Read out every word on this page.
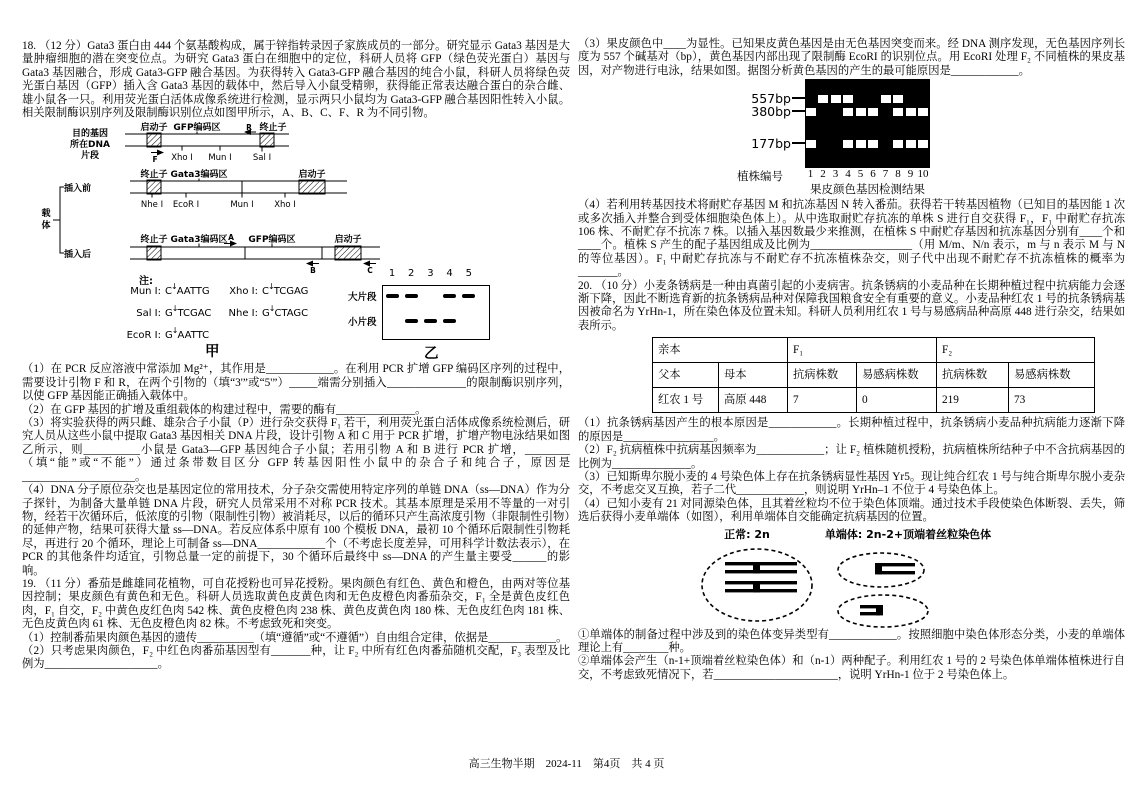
18. （12 分）Gata3 蛋白由 444 个氨基酸构成，属于锌指转录因子家族成员的一部分。研究显示 Gata3 基因是大量肿瘤细胞的潜在突变位点。为研究 Gata3 蛋白在细胞中的定位，科研人员将 GFP（绿色荧光蛋白）基因与 Gata3 基因融合，形成 Gata3-GFP 融合基因。为获得转入 Gata3-GFP 融合基因的纯合小鼠，科研人员将绿色荧光蛋白基因（GFP）插入含 Gata3 基因的载体中，然后导入小鼠受精卵，获得能正常表达融合蛋白的杂合雌、雄小鼠各一只。利用荧光蛋白活体成像系统进行检测，显示两只小鼠均为 Gata3-GFP 融合基因阳性转入小鼠。相关限制酶识别序列及限制酶识别位点如图甲所示，A、B、C、F、R 为不同引物。

目的基因
所在DNA
片段
启动子 GFP编码区	R 终止子
F Xho I Mun I Sal I
插入前
终止子 Gata3编码区	启动子
Nhe I EcoR I	Mun I Xho I
插入后
终止子 Gata3编码区 A GFP编码区	启动子
B	C
载
体
注:
Mun I: C↓AATTG	Xho I: C↓TCGAG
Sal I: G↓TCGAC	Nhe I: G↓CTAGC
EcoR I: G↓AATTC
甲
大片段
小片段
乙
1	2	3	4	5

（1）在 PCR 反应溶液中常添加 Mg²⁺，其作用是____________。在利用 PCR 扩增 GFP 编码区序列的过程中，需要设计引物 F 和 R，在两个引物的（填“3'”或“5'”）_____端需分别插入______________的限制酶识别序列，以使 GFP 基因能正确插入载体中。

（2）在 GFP 基因的扩增及重组载体的构建过程中，需要的酶有______________。

（3）将实验获得的两只雌、雄杂合子小鼠（P）进行杂交获得 F₁ 若干，利用荧光蛋白活体成像系统检测后，研究人员从这些小鼠中提取 Gata3 基因相关 DNA 片段，设计引物 A 和 C 用于 PCR 扩增，扩增产物电泳结果如图乙所示，则__________小鼠是 Gata3—GFP 基因纯合子小鼠；若用引物 A 和 B 进行 PCR 扩增，________（填“能”或“不能”）通过条带数目区分 GFP 转基因阳性小鼠中的杂合子和纯合子，原因是____________________。

（4）DNA 分子原位杂交也是基因定位的常用技术，分子杂交需使用特定序列的单链 DNA（ss—DNA）作为分子探针，为制备大量单链 DNA 片段，研究人员常采用不对称 PCR 技术。其基本原理是采用不等量的一对引物，经若干次循环后，低浓度的引物（限制性引物）被消耗尽，以后的循环只产生高浓度引物（非限制性引物）的延伸产物，结果可获得大量 ss—DNA。若反应体系中原有 100 个模板 DNA，最初 10 个循环后限制性引物耗尽，再进行 20 个循环，理论上可制备 ss—DNA____________个（不考虑长度差异，可用科学计数法表示），在 PCR 的其他条件均适宜，引物总量一定的前提下，30 个循环后最终中 ss—DNA 的产生量主要受______的影响。

19. （11 分）番茄是雌雄同花植物，可自花授粉也可异花授粉。果肉颜色有红色、黄色和橙色，由两对等位基因控制；果皮颜色有黄色和无色。科研人员选取黄色皮黄色肉和无色皮橙色肉番茄杂交，F₁ 全是黄色皮红色肉，F₁ 自交，F₂ 中黄色皮红色肉 542 株、黄色皮橙色肉 238 株、黄色皮黄色肉 180 株、无色皮红色肉 181 株、无色皮黄色肉 61 株、无色皮橙色肉 82 株。不考虑致死和突变。

（1）控制番茄果肉颜色基因的遗传__________（填“遵循”或“不遵循”）自由组合定律，依据是____________。

（2）只考虑果肉颜色，F₂ 中红色肉番茄基因型有_______种，让 F₂ 中所有红色肉番茄随机交配，F₃ 表型及比例为____________________。

（3）果皮颜色中____为显性。已知果皮黄色基因是由无色基因突变而来。经 DNA 测序发现，无色基因序列长度为 557 个碱基对（bp），黄色基因内部出现了限制酶 EcoRI 的识别位点。用 EcoRI 处理 F₂ 不同植株的果皮基因，对产物进行电泳，结果如图。据图分析黄色基因的产生的最可能原因是____________。

557bp
380bp
177bp
植株编号
果皮颜色基因检测结果
1 2 3 4 5 6 7 8 9 10

（4）若利用转基因技术将耐贮存基因 M 和抗冻基因 N 转入番茄。获得若干转基因植物（已知目的基因能 1 次或多次插入并整合到受体细胞染色体上）。从中选取耐贮存抗冻的单株 S 进行自交获得 F₁，F₁ 中耐贮存抗冻 106 株、不耐贮存不抗冻 7 株。以插入基因数最少来推测，在植株 S 中耐贮存基因和抗冻基因分别有____个和____个。植株 S 产生的配子基因组成及比例为__________________（用 M/m、N/n 表示，m 与 n 表示 M 与 N 的等位基因）。F₁ 中耐贮存抗冻与不耐贮存不抗冻植株杂交，则子代中出现不耐贮存不抗冻植株的概率为_______。

20. （10 分）小麦条锈病是一种由真菌引起的小麦病害。抗条锈病的小麦品种在长期种植过程中抗病能力会逐渐下降，因此不断选育新的抗条锈病品种对保障我国粮食安全有重要的意义。小麦品种红农 1 号的抗条锈病基因被命名为 YrHn-1，所在染色体及位置未知。科研人员利用红农 1 号与易感病品种高原 448 进行杂交，结果如表所示。

亲本		F₁		F₂	
父本	母本	抗病株数	易感病株数	抗病株数	易感病株数
红农 1 号	高原 448	7	0	219	73

（1）抗条锈病基因产生的根本原因是____________。长期种植过程中，抗条锈病小麦品种抗病能力逐渐下降的原因是________________。

（2）F₂ 抗病植株中抗病基因频率为____________；让 F₂ 植株随机授粉，抗病植株所结种子中不含抗病基因的比例为______________。

（3）已知斯卑尔脱小麦的 4 号染色体上存在抗条锈病显性基因 Yr5。现让纯合红农 1 号与纯合斯卑尔脱小麦杂交，不考虑交叉互换，若子二代____________，则说明 YrHn–1 不位于 4 号染色体上。

（4）已知小麦有 21 对同源染色体，且其着丝粒均不位于染色体顶端。通过技术手段使染色体断裂、丢失，筛选后获得小麦单端体（如图），利用单端体自交能确定抗病基因的位置。

正常: 2n	单端体: 2n-2+顶端着丝粒染色体

①单端体的制备过程中涉及到的染色体变异类型有____________。按照细胞中染色体形态分类，小麦的单端体理论上有________种。

②单端体会产生（n-1+顶端着丝粒染色体）和（n-1）两种配子。利用红农 1 号的 2 号染色体单端体植株进行自交，不考虑致死情况下，若______________________，说明 YrHn-1 位于 2 号染色体上。

高三生物半期　2024-11　第4页　共 4 页
